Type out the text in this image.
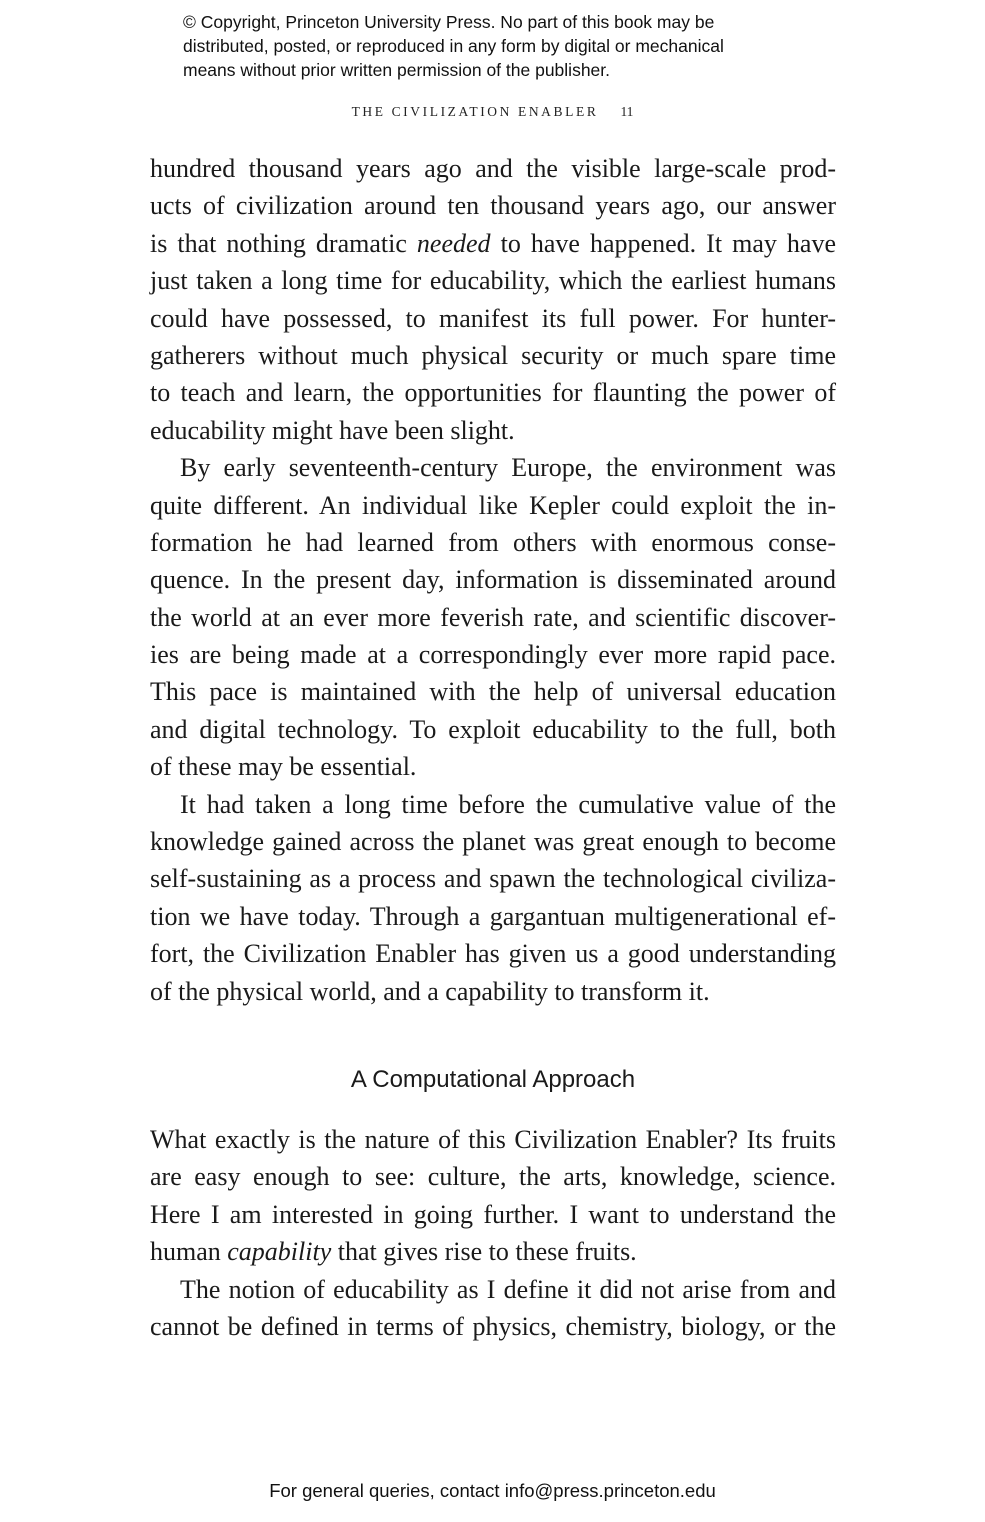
© Copyright, Princeton University Press. No part of this book may be
distributed, posted, or reproduced in any form by digital or mechanical
means without prior written permission of the publisher.
THE CIVILIZATION ENABLER 11
hundred thousand years ago and the visible large-scale prod-
ucts of civilization around ten thousand years ago, our answer
is that nothing dramatic needed to have happened. It may have
just taken a long time for educability, which the earliest humans
could have possessed, to manifest its full power. For hunter-
gatherers without much physical security or much spare time
to teach and learn, the opportunities for flaunting the power of
educability might have been slight.
By early seventeenth-century Europe, the environment was
quite different. An individual like Kepler could exploit the in-
formation he had learned from others with enormous conse-
quence. In the present day, information is disseminated around
the world at an ever more feverish rate, and scientific discover-
ies are being made at a correspondingly ever more rapid pace.
This pace is maintained with the help of universal education
and digital technology. To exploit educability to the full, both
of these may be essential.
It had taken a long time before the cumulative value of the
knowledge gained across the planet was great enough to become
self-sustaining as a process and spawn the technological civiliza-
tion we have today. Through a gargantuan multigenerational ef-
fort, the Civilization Enabler has given us a good understanding
of the physical world, and a capability to transform it.
A Computational Approach
What exactly is the nature of this Civilization Enabler? Its fruits
are easy enough to see: culture, the arts, knowledge, science.
Here I am interested in going further. I want to understand the
human capability that gives rise to these fruits.
The notion of educability as I define it did not arise from and
cannot be defined in terms of physics, chemistry, biology, or the
For general queries, contact info@press.princeton.edu
